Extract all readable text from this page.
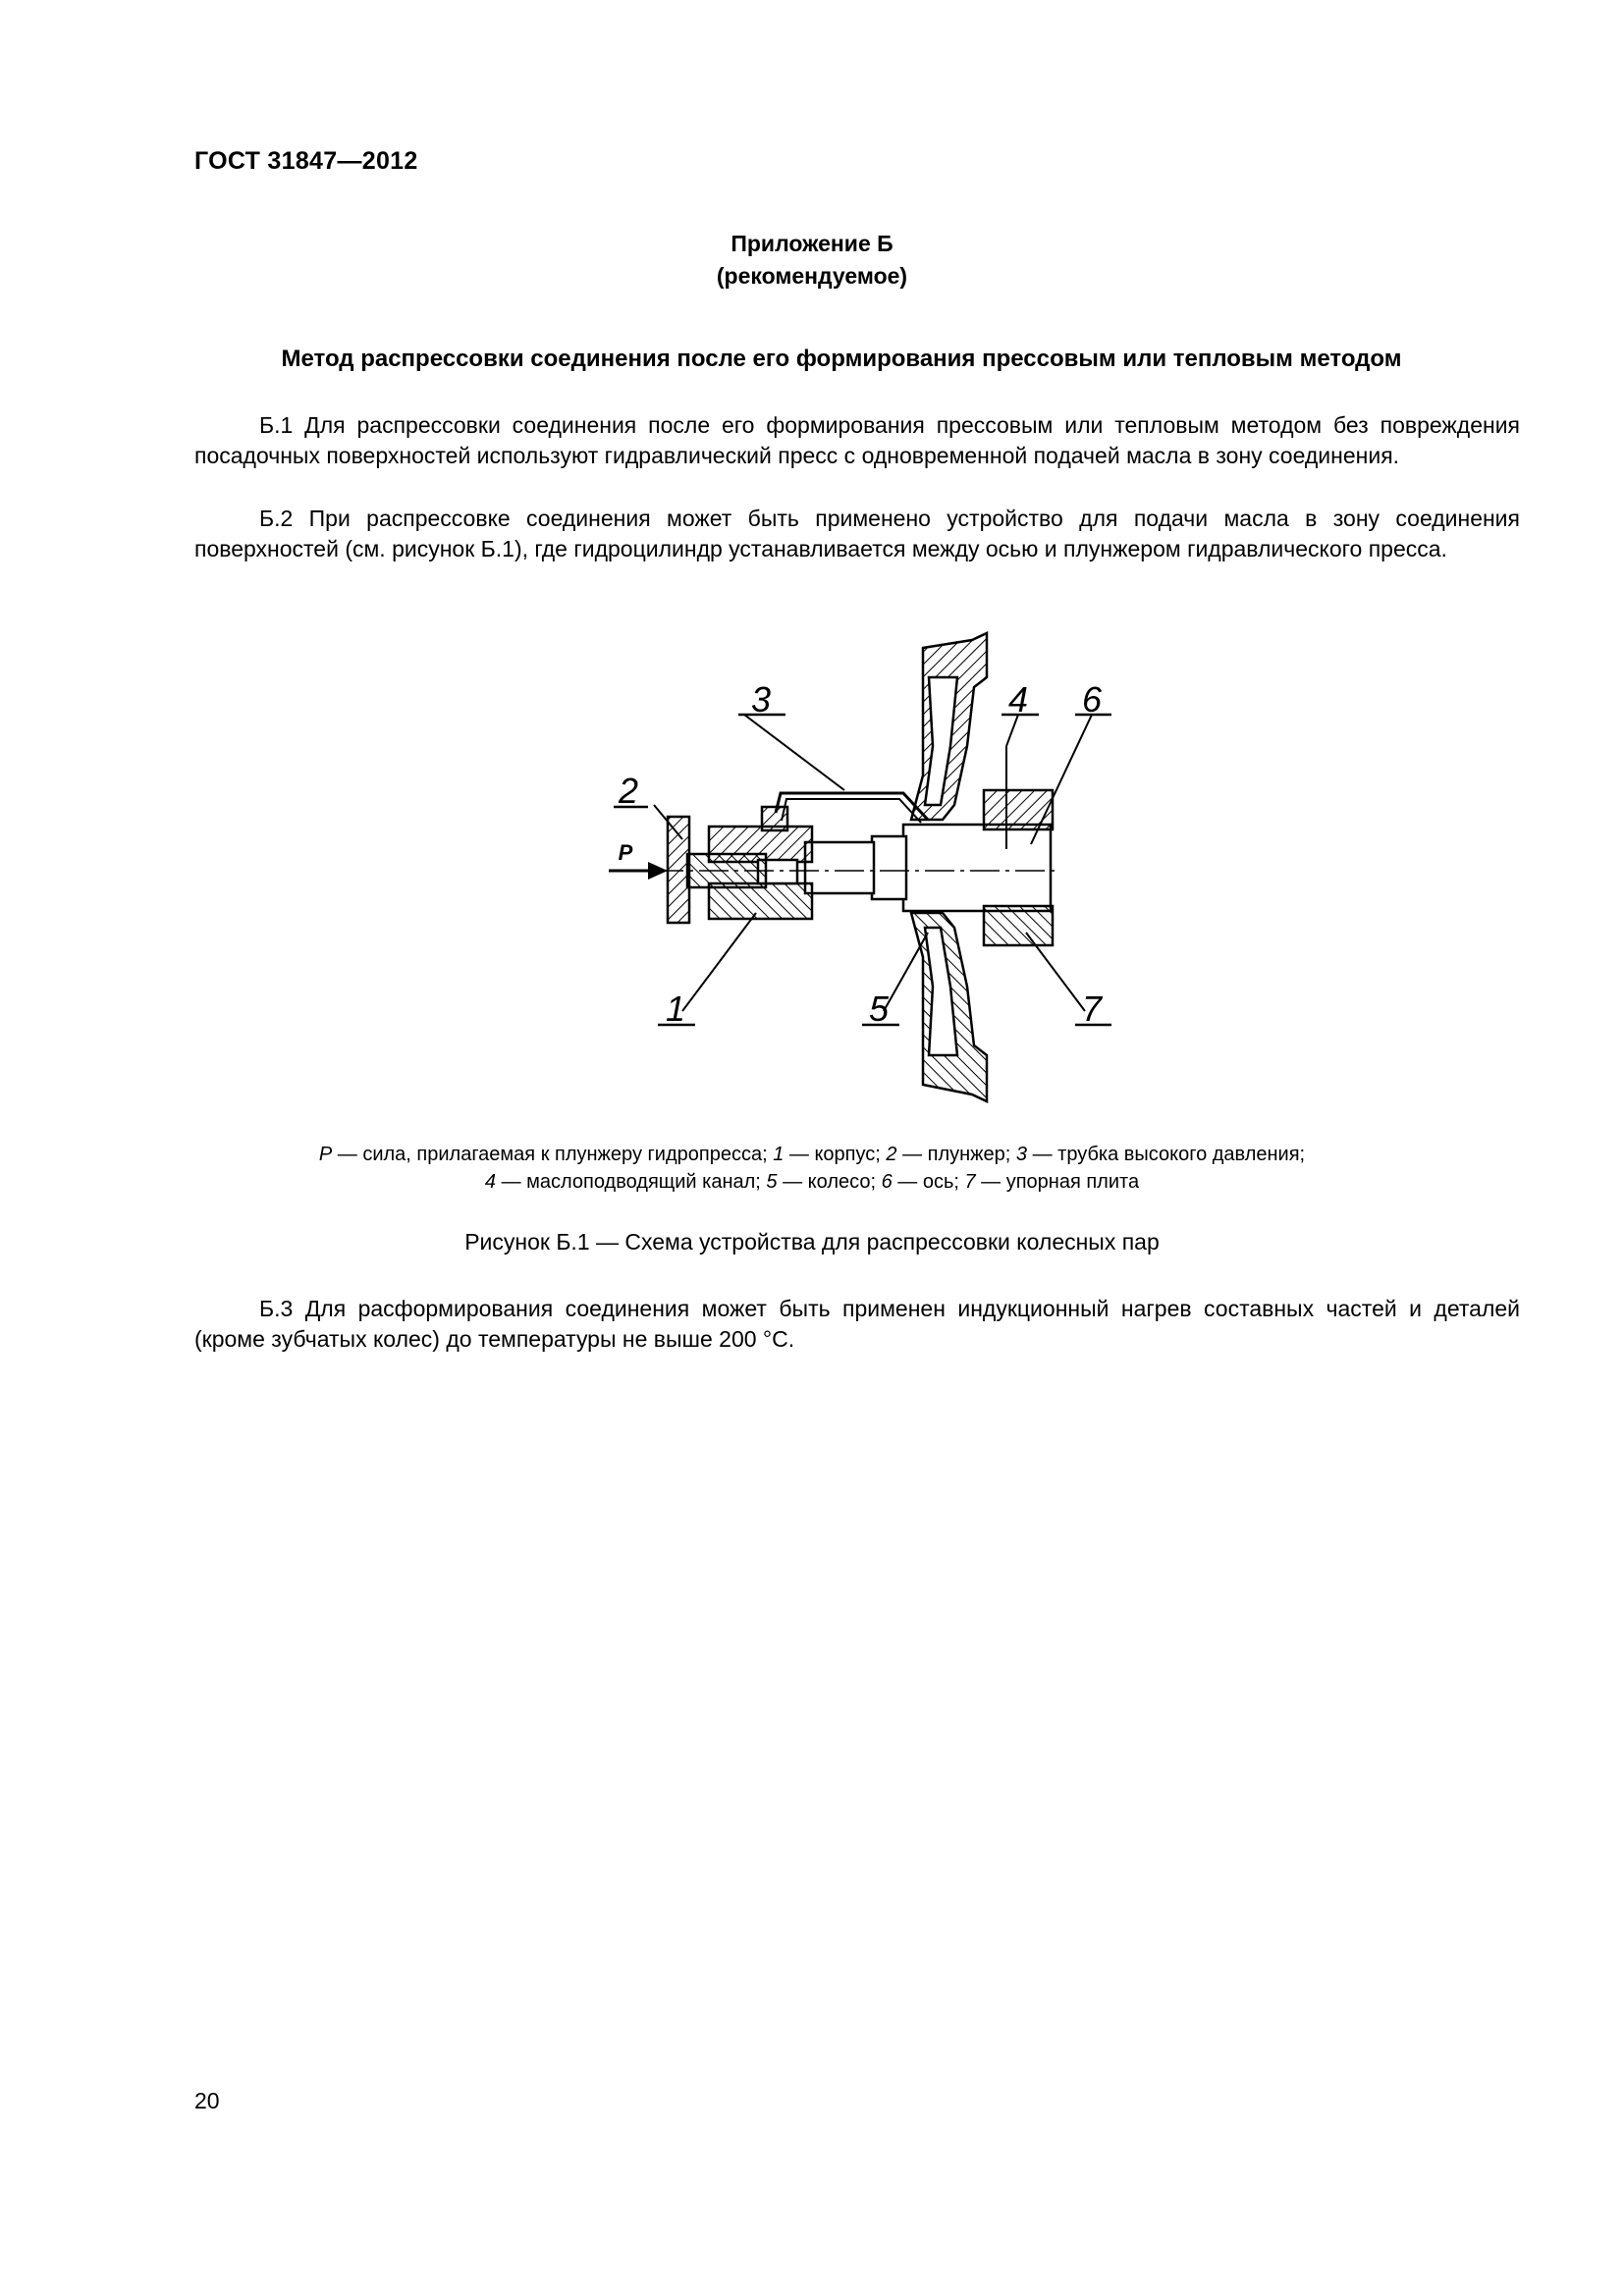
ГОСТ 31847—2012
Приложение Б
(рекомендуемое)
Метод распрессовки соединения после его формирования прессовым или тепловым методом
Б.1 Для распрессовки соединения после его формирования прессовым или тепловым методом без повреждения посадочных поверхностей используют гидравлический пресс с одновременной подачей масла в зону соединения.
Б.2 При распрессовке соединения может быть применено устройство для подачи масла в зону соединения поверхностей (см. рисунок Б.1), где гидроцилиндр устанавливается между осью и плунжером гидравлического пресса.
3	4 6
2
1	5	7
P
P — сила, прилагаемая к плунжеру гидропресса; 1 — корпус; 2 — плунжер; 3 — трубка высокого давления;
4 — маслоподводящий канал; 5 — колесо; 6 — ось; 7 — упорная плита
Рисунок Б.1 — Схема устройства для распрессовки колесных пар
Б.3 Для расформирования соединения может быть применен индукционный нагрев составных частей и деталей (кроме зубчатых колес) до температуры не выше 200 °С.
20
